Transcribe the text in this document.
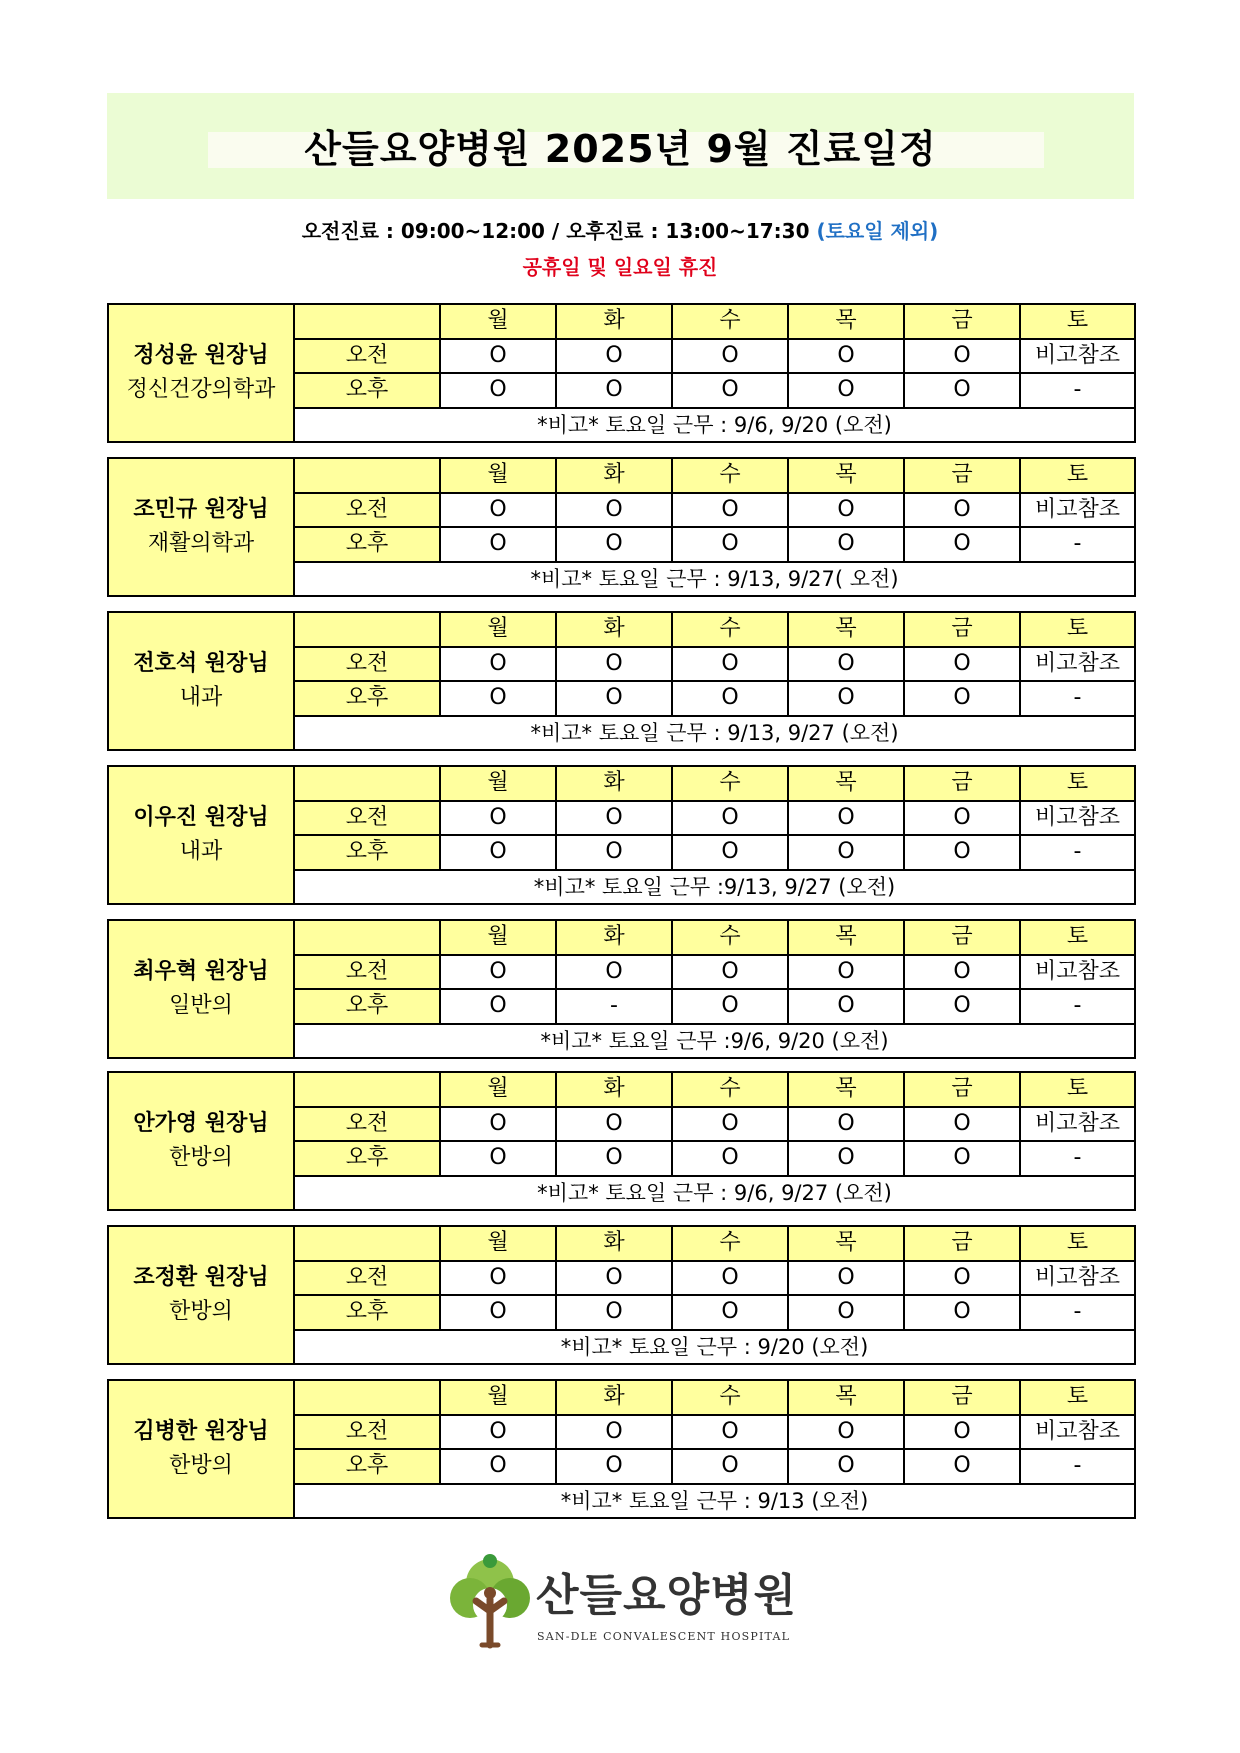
산들요양병원 2025년 9월 진료일정
오전진료 : 09:00~12:00 / 오후진료 : 13:00~17:30 (토요일 제외)
공휴일 및 일요일 휴진
정성윤 원장님
정신건강의학과		월	화	수	목	금	토
	오전	O	O	O	O	O	비고참조
	오후	O	O	O	O	O	-
	*비고* 토요일 근무 : 9/6, 9/20 (오전)						
조민규 원장님
재활의학과		월	화	수	목	금	토
	오전	O	O	O	O	O	비고참조
	오후	O	O	O	O	O	-
	*비고* 토요일 근무 : 9/13, 9/27( 오전)						
전호석 원장님
내과		월	화	수	목	금	토
	오전	O	O	O	O	O	비고참조
	오후	O	O	O	O	O	-
	*비고* 토요일 근무 : 9/13, 9/27 (오전)						
이우진 원장님
내과		월	화	수	목	금	토
	오전	O	O	O	O	O	비고참조
	오후	O	O	O	O	O	-
	*비고* 토요일 근무 :9/13, 9/27 (오전)						
최우혁 원장님
일반의		월	화	수	목	금	토
	오전	O	O	O	O	O	비고참조
	오후	O	-	O	O	O	-
	*비고* 토요일 근무 :9/6, 9/20 (오전)						
안가영 원장님
한방의		월	화	수	목	금	토
	오전	O	O	O	O	O	비고참조
	오후	O	O	O	O	O	-
	*비고* 토요일 근무 : 9/6, 9/27 (오전)						
조정환 원장님
한방의		월	화	수	목	금	토
	오전	O	O	O	O	O	비고참조
	오후	O	O	O	O	O	-
	*비고* 토요일 근무 : 9/20 (오전)						
김병한 원장님
한방의		월	화	수	목	금	토
	오전	O	O	O	O	O	비고참조
	오후	O	O	O	O	O	-
	*비고* 토요일 근무 : 9/13 (오전)						
산들요양병원
SAN-DLE CONVALESCENT HOSPITAL
